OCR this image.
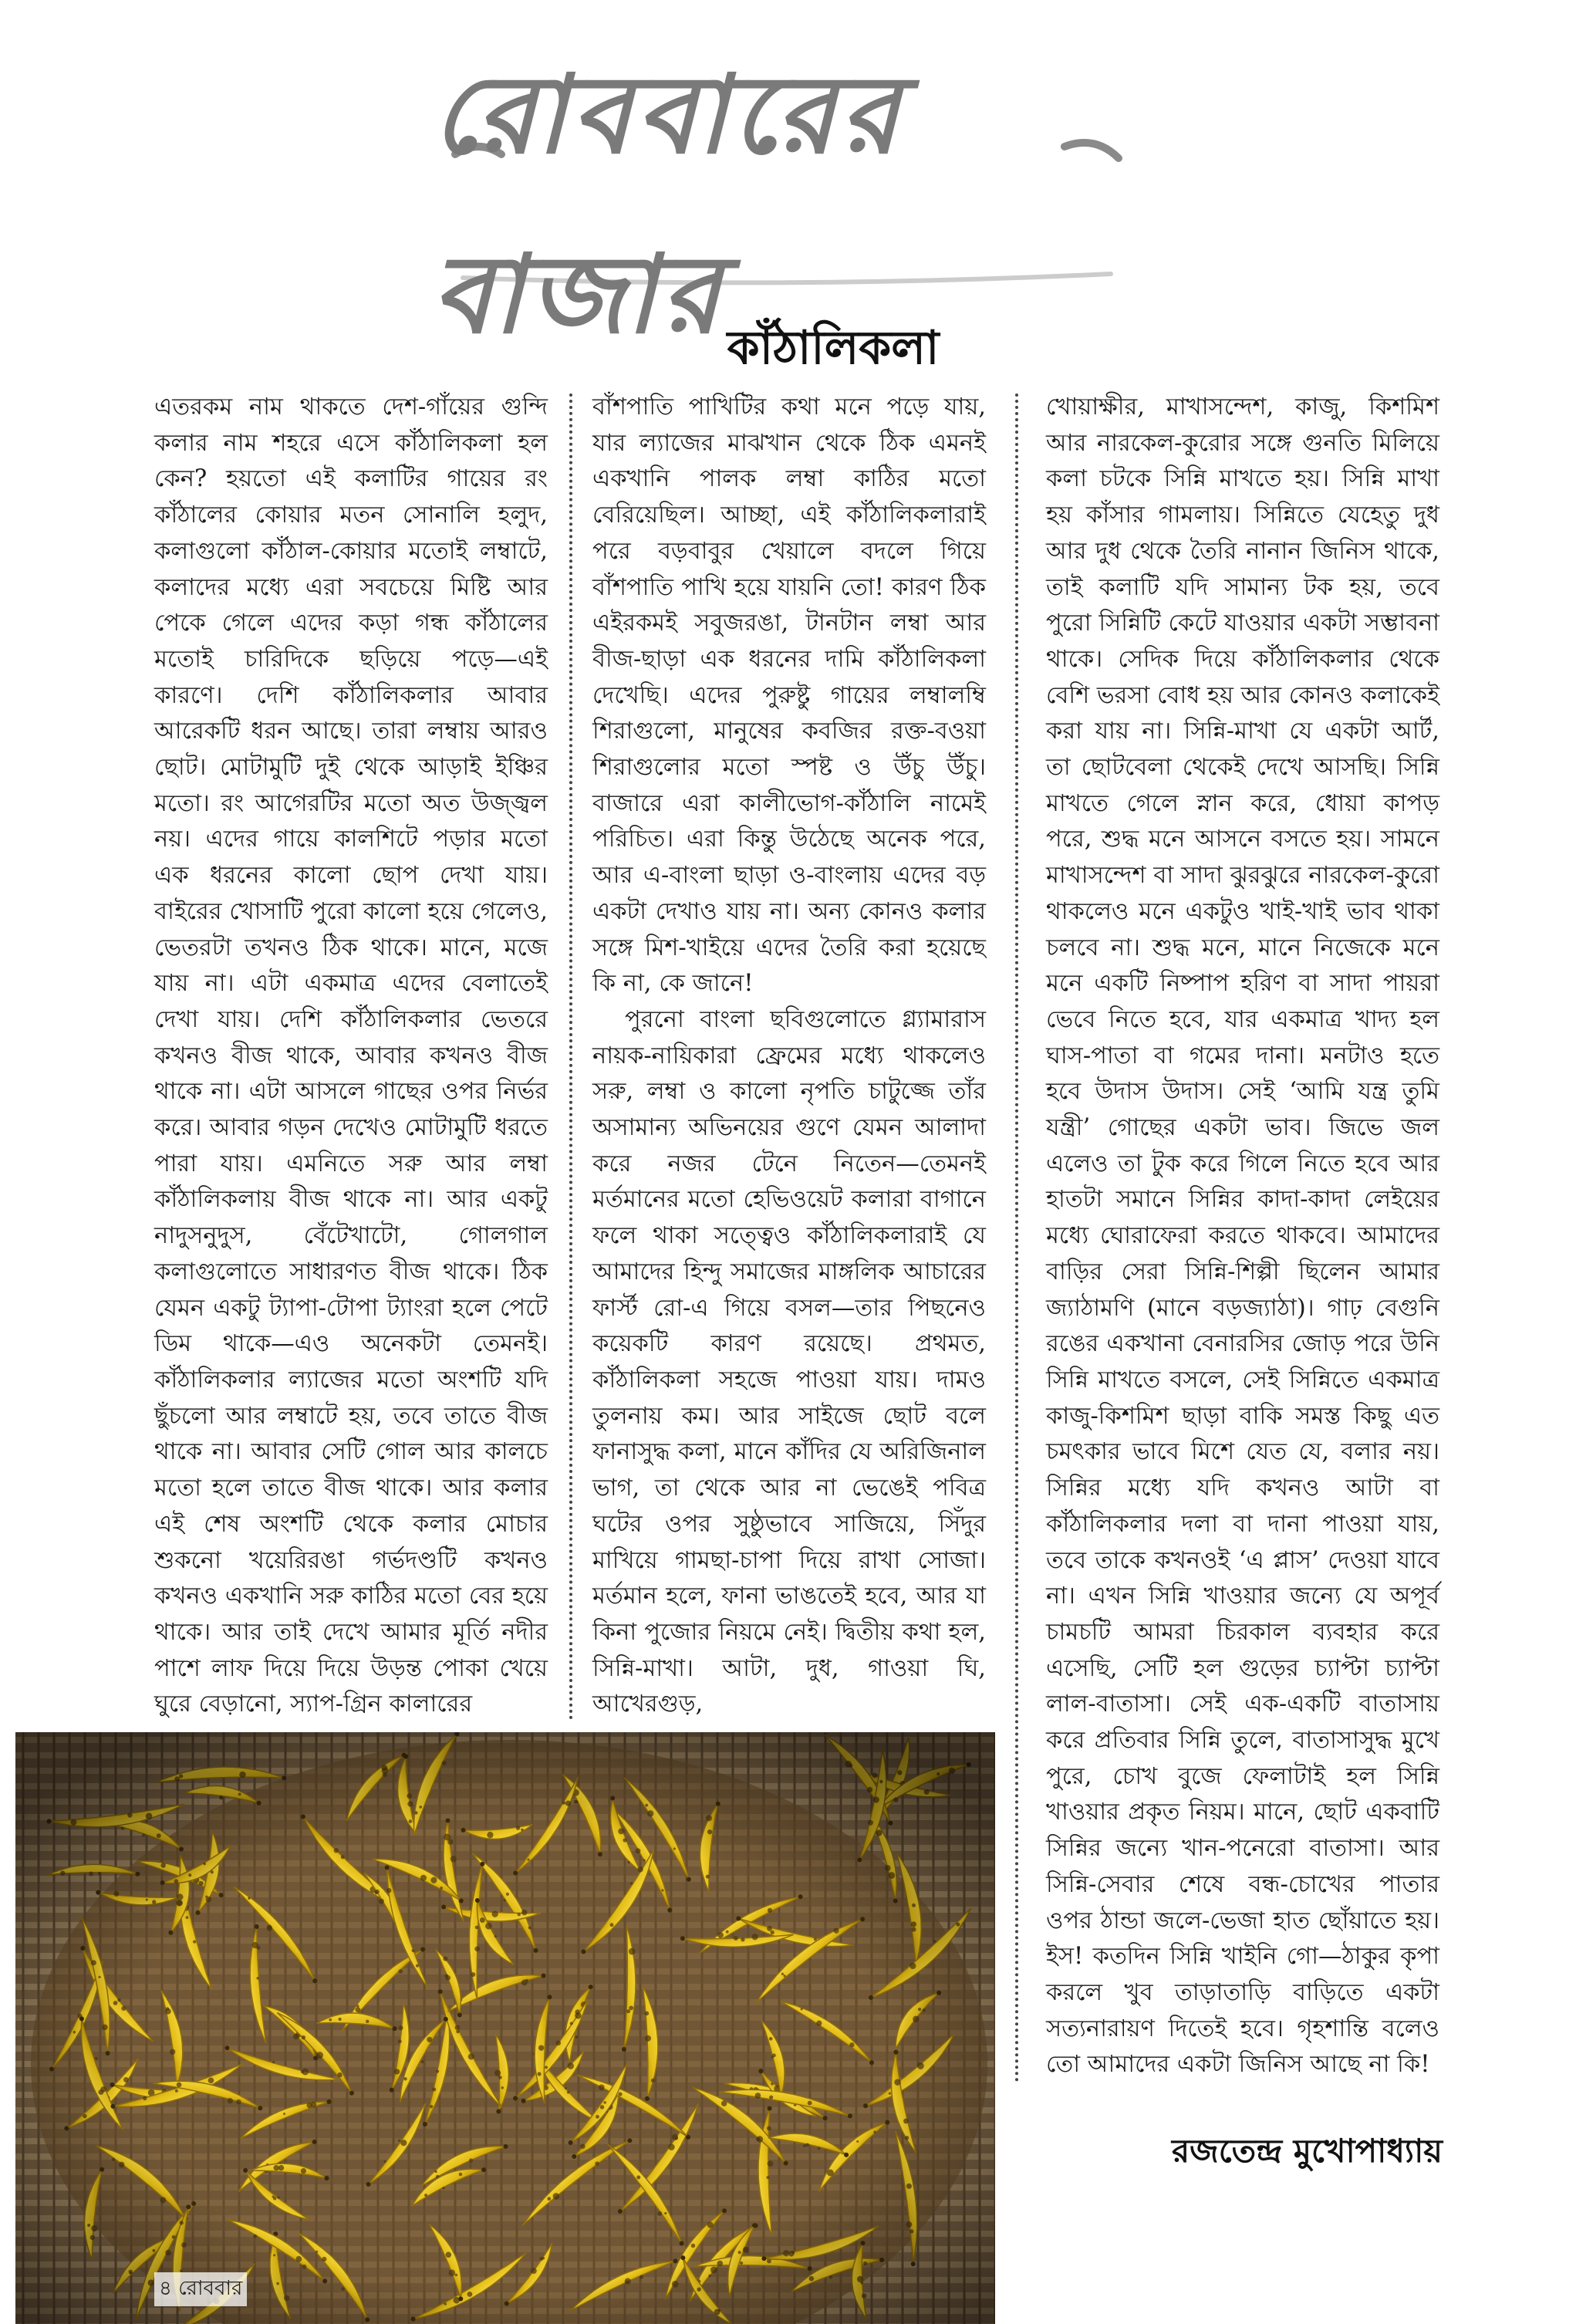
রোববারের বাজার কাঁঠালিকলা

এতরকম নাম থাকতে দেশ-গাঁয়ের গুন্দি কলার নাম শহরে এসে কাঁঠালিকলা হল কেন? হয়তো এই কলাটির গায়ের রং কাঁঠালের কোয়ার মতন সোনালি হলুদ, কলাগুলো কাঁঠাল-কোয়ার মতোই লম্বাটে, কলাদের মধ্যে এরা সবচেয়ে মিষ্টি আর পেকে গেলে এদের কড়া গন্ধ কাঁঠালের মতোই চারিদিকে ছড়িয়ে পড়ে—এই কারণে। দেশি কাঁঠালিকলার আবার আরেকটি ধরন আছে। তারা লম্বায় আরও ছোট। মোটামুটি দুই থেকে আড়াই ইঞ্চির মতো। রং আগেরটির মতো অত উজ্জ্বল নয়। এদের গায়ে কালশিটে পড়ার মতো এক ধরনের কালো ছোপ দেখা যায়। বাইরের খোসাটি পুরো কালো হয়ে গেলেও, ভেতরটা তখনও ঠিক থাকে। মানে, মজে যায় না। এটা একমাত্র এদের বেলাতেই দেখা যায়। দেশি কাঁঠালিকলার ভেতরে কখনও বীজ থাকে, আবার কখনও বীজ থাকে না। এটা আসলে গাছের ওপর নির্ভর করে। আবার গড়ন দেখেও মোটামুটি ধরতে পারা যায়। এমনিতে সরু আর লম্বা কাঁঠালিকলায় বীজ থাকে না। আর একটু নাদুসনুদুস, বেঁটেখাটো, গোলগাল কলাগুলোতে সাধারণত বীজ থাকে। ঠিক যেমন একটু ট্যাপা-টোপা ট্যাংরা হলে পেটে ডিম থাকে—এও অনেকটা তেমনই। কাঁঠালিকলার ল্যাজের মতো অংশটি যদি ছুঁচলো আর লম্বাটে হয়, তবে তাতে বীজ থাকে না। আবার সেটি গোল আর কালচে মতো হলে তাতে বীজ থাকে। আর কলার এই শেষ অংশটি থেকে কলার মোচার শুকনো খয়েরিরঙা গর্ভদণ্ডটি কখনও কখনও একখানি সরু কাঠির মতো বের হয়ে থাকে। আর তাই দেখে আমার মূর্তি নদীর পাশে লাফ দিয়ে দিয়ে উড়ন্ত পোকা খেয়ে ঘুরে বেড়ানো, স্যাপ-গ্রিন কালারের

বাঁশপাতি পাখিটির কথা মনে পড়ে যায়, যার ল্যাজের মাঝখান থেকে ঠিক এমনই একখানি পালক লম্বা কাঠির মতো বেরিয়েছিল। আচ্ছা, এই কাঁঠালিকলারাই পরে বড়বাবুর খেয়ালে বদলে গিয়ে বাঁশপাতি পাখি হয়ে যায়নি তো! কারণ ঠিক এইরকমই সবুজরঙা, টানটান লম্বা আর বীজ-ছাড়া এক ধরনের দামি কাঁঠালিকলা দেখেছি। এদের পুরুষ্টু গায়ের লম্বালম্বি শিরাগুলো, মানুষের কবজির রক্ত-বওয়া শিরাগুলোর মতো স্পষ্ট ও উঁচু উঁচু। বাজারে এরা কালীভোগ-কাঁঠালি নামেই পরিচিত। এরা কিন্তু উঠেছে অনেক পরে, আর এ-বাংলা ছাড়া ও-বাংলায় এদের বড় একটা দেখাও যায় না। অন্য কোনও কলার সঙ্গে মিশ-খাইয়ে এদের তৈরি করা হয়েছে কি না, কে জানে!

পুরনো বাংলা ছবিগুলোতে গ্ল্যামারাস নায়ক-নায়িকারা ফ্রেমের মধ্যে থাকলেও সরু, লম্বা ও কালো নৃপতি চাটুজ্জে তাঁর অসামান্য অভিনয়ের গুণে যেমন আলাদা করে নজর টেনে নিতেন—তেমনই মর্তমানের মতো হেভিওয়েট কলারা বাগানে ফলে থাকা সত্ত্বেও কাঁঠালিকলারাই যে আমাদের হিন্দু সমাজের মাঙ্গলিক আচারের ফার্স্ট রো-এ গিয়ে বসল—তার পিছনেও কয়েকটি কারণ রয়েছে। প্রথমত, কাঁঠালিকলা সহজে পাওয়া যায়। দামও তুলনায় কম। আর সাইজে ছোট বলে ফানাসুদ্ধ কলা, মানে কাঁদির যে অরিজিনাল ভাগ, তা থেকে আর না ভেঙেই পবিত্র ঘটের ওপর সুষ্ঠুভাবে সাজিয়ে, সিঁদুর মাখিয়ে গামছা-চাপা দিয়ে রাখা সোজা। মর্তমান হলে, ফানা ভাঙতেই হবে, আর যা কিনা পুজোর নিয়মে নেই। দ্বিতীয় কথা হল, সিন্নি-মাখা। আটা, দুধ, গাওয়া ঘি, আখেরগুড়,

খোয়াক্ষীর, মাখাসন্দেশ, কাজু, কিশমিশ আর নারকেল-কুরোর সঙ্গে গুনতি মিলিয়ে কলা চটকে সিন্নি মাখতে হয়। সিন্নি মাখা হয় কাঁসার গামলায়। সিন্নিতে যেহেতু দুধ আর দুধ থেকে তৈরি নানান জিনিস থাকে, তাই কলাটি যদি সামান্য টক হয়, তবে পুরো সিন্নিটি কেটে যাওয়ার একটা সম্ভাবনা থাকে। সেদিক দিয়ে কাঁঠালিকলার থেকে বেশি ভরসা বোধ হয় আর কোনও কলাকেই করা যায় না। সিন্নি-মাখা যে একটা আর্ট, তা ছোটবেলা থেকেই দেখে আসছি। সিন্নি মাখতে গেলে স্নান করে, ধোয়া কাপড় পরে, শুদ্ধ মনে আসনে বসতে হয়। সামনে মাখাসন্দেশ বা সাদা ঝুরঝুরে নারকেল-কুরো থাকলেও মনে একটুও খাই-খাই ভাব থাকা চলবে না। শুদ্ধ মনে, মানে নিজেকে মনে মনে একটি নিষ্পাপ হরিণ বা সাদা পায়রা ভেবে নিতে হবে, যার একমাত্র খাদ্য হল ঘাস-পাতা বা গমের দানা। মনটাও হতে হবে উদাস উদাস। সেই ‘আমি যন্ত্র তুমি যন্ত্রী’ গোছের একটা ভাব। জিভে জল এলেও তা টুক করে গিলে নিতে হবে আর হাতটা সমানে সিন্নির কাদা-কাদা লেইয়ের মধ্যে ঘোরাফেরা করতে থাকবে। আমাদের বাড়ির সেরা সিন্নি-শিল্পী ছিলেন আমার জ্যাঠামণি (মানে বড়জ্যাঠা)। গাঢ় বেগুনি রঙের একখানা বেনারসির জোড় পরে উনি সিন্নি মাখতে বসলে, সেই সিন্নিতে একমাত্র কাজু-কিশমিশ ছাড়া বাকি সমস্ত কিছু এত চমৎকার ভাবে মিশে যেত যে, বলার নয়। সিন্নির মধ্যে যদি কখনও আটা বা কাঁঠালিকলার দলা বা দানা পাওয়া যায়, তবে তাকে কখনওই ‘এ প্লাস’ দেওয়া যাবে না। এখন সিন্নি খাওয়ার জন্যে যে অপূর্ব চামচটি আমরা চিরকাল ব্যবহার করে এসেছি, সেটি হল গুড়ের চ্যাপ্টা চ্যাপ্টা লাল-বাতাসা। সেই এক-একটি বাতাসায় করে প্রতিবার সিন্নি তুলে, বাতাসাসুদ্ধ মুখে পুরে, চোখ বুজে ফেলাটাই হল সিন্নি খাওয়ার প্রকৃত নিয়ম। মানে, ছোট একবাটি সিন্নির জন্যে খান-পনেরো বাতাসা। আর সিন্নি-সেবার শেষে বন্ধ-চোখের পাতার ওপর ঠান্ডা জলে-ভেজা হাত ছোঁয়াতে হয়। ইস! কতদিন সিন্নি খাইনি গো—ঠাকুর কৃপা করলে খুব তাড়াতাড়ি বাড়িতে একটা সত্যনারায়ণ দিতেই হবে। গৃহশান্তি বলেও তো আমাদের একটা জিনিস আছে না কি!

রজতেন্দ্র মুখোপাধ্যায়
৪ রোববার
